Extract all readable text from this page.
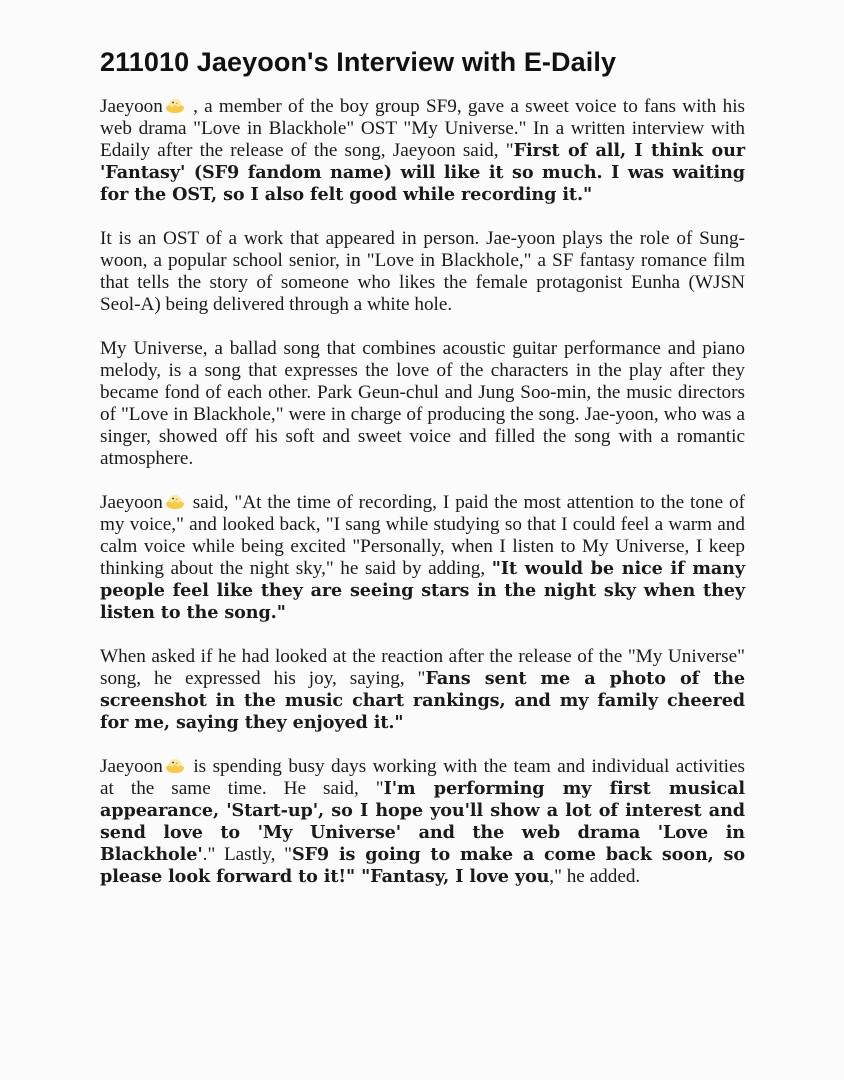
211010 Jaeyoon's Interview with E-Daily

Jaeyoon , a member of the boy group SF9, gave a sweet voice to fans with his web drama "Love in Blackhole" OST "My Universe." In a written interview with Edaily after the release of the song, Jaeyoon said, "First of all, I think our 'Fantasy' (SF9 fandom name) will like it so much. I was waiting for the OST, so I also felt good while recording it."

It is an OST of a work that appeared in person. Jae-yoon plays the role of Sung-woon, a popular school senior, in "Love in Blackhole," a SF fantasy romance film that tells the story of someone who likes the female protagonist Eunha (WJSN Seol-A) being delivered through a white hole.

My Universe, a ballad song that combines acoustic guitar performance and piano melody, is a song that expresses the love of the characters in the play after they became fond of each other. Park Geun-chul and Jung Soo-min, the music directors of "Love in Blackhole," were in charge of producing the song. Jae-yoon, who was a singer, showed off his soft and sweet voice and filled the song with a romantic atmosphere.

Jaeyoon said, "At the time of recording, I paid the most attention to the tone of my voice," and looked back, "I sang while studying so that I could feel a warm and calm voice while being excited "Personally, when I listen to My Universe, I keep thinking about the night sky," he said by adding, "It would be nice if many people feel like they are seeing stars in the night sky when they listen to the song."

When asked if he had looked at the reaction after the release of the "My Universe" song, he expressed his joy, saying, "Fans sent me a photo of the screenshot in the music chart rankings, and my family cheered for me, saying they enjoyed it."

Jaeyoon is spending busy days working with the team and individual activities at the same time. He said, "I'm performing my first musical appearance, 'Start-up', so I hope you'll show a lot of interest and send love to 'My Universe' and the web drama 'Love in Blackhole'." Lastly, "SF9 is going to make a come back soon, so please look forward to it!" "Fantasy, I love you," he added.
